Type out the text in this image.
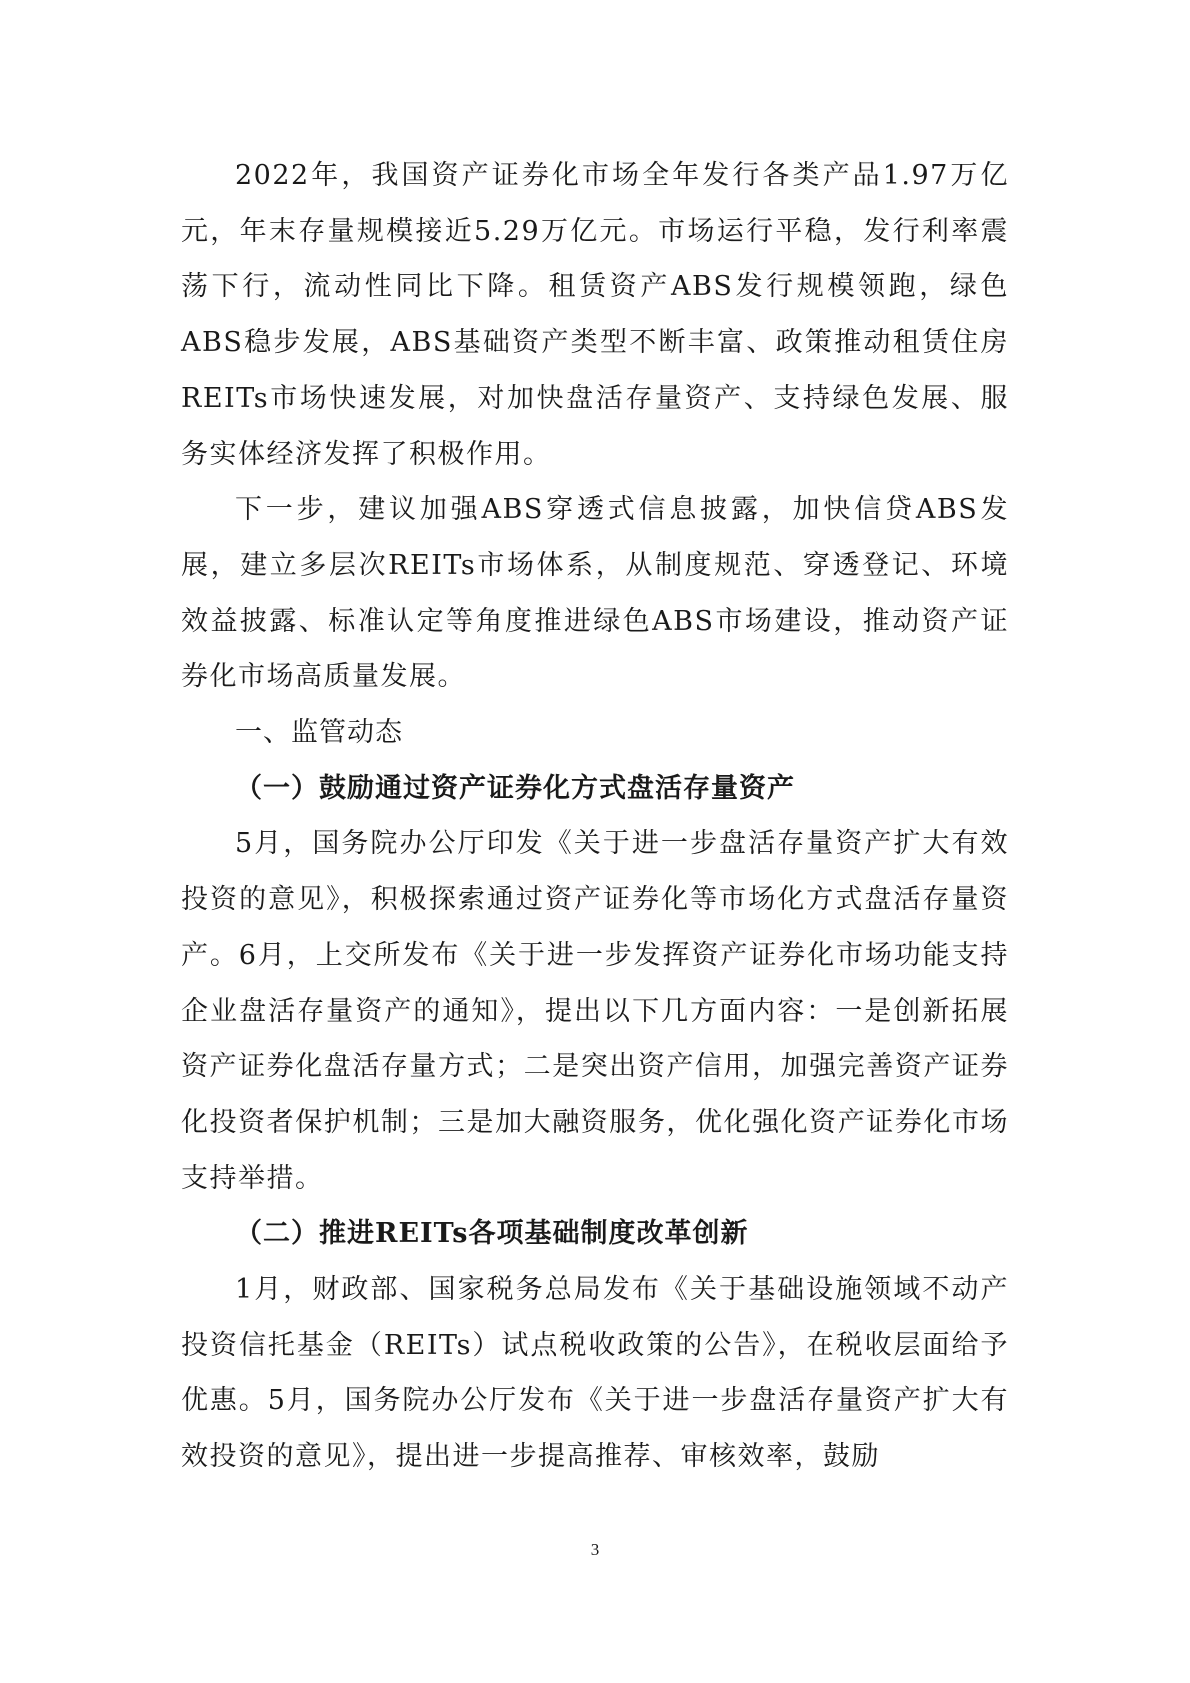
2022年，我国资产证券化市场全年发行各类产品1.97万亿元，年末存量规模接近5.29万亿元。市场运行平稳，发行利率震荡下行，流动性同比下降。租赁资产ABS发行规模领跑，绿色ABS稳步发展，ABS基础资产类型不断丰富、政策推动租赁住房REITs市场快速发展，对加快盘活存量资产、支持绿色发展、服务实体经济发挥了积极作用。

下一步，建议加强ABS穿透式信息披露，加快信贷ABS发展，建立多层次REITs市场体系，从制度规范、穿透登记、环境效益披露、标准认定等角度推进绿色ABS市场建设，推动资产证券化市场高质量发展。

一、监管动态
（一）鼓励通过资产证券化方式盘活存量资产

5月，国务院办公厅印发《关于进一步盘活存量资产扩大有效投资的意见》，积极探索通过资产证券化等市场化方式盘活存量资产。6月，上交所发布《关于进一步发挥资产证券化市场功能支持企业盘活存量资产的通知》，提出以下几方面内容：一是创新拓展资产证券化盘活存量方式；二是突出资产信用，加强完善资产证券化投资者保护机制；三是加大融资服务，优化强化资产证券化市场支持举措。

（二）推进REITs各项基础制度改革创新

1月，财政部、国家税务总局发布《关于基础设施领域不动产投资信托基金（REITs）试点税收政策的公告》，在税收层面给予优惠。5月，国务院办公厅发布《关于进一步盘活存量资产扩大有效投资的意见》，提出进一步提高推荐、审核效率，鼓励

3
